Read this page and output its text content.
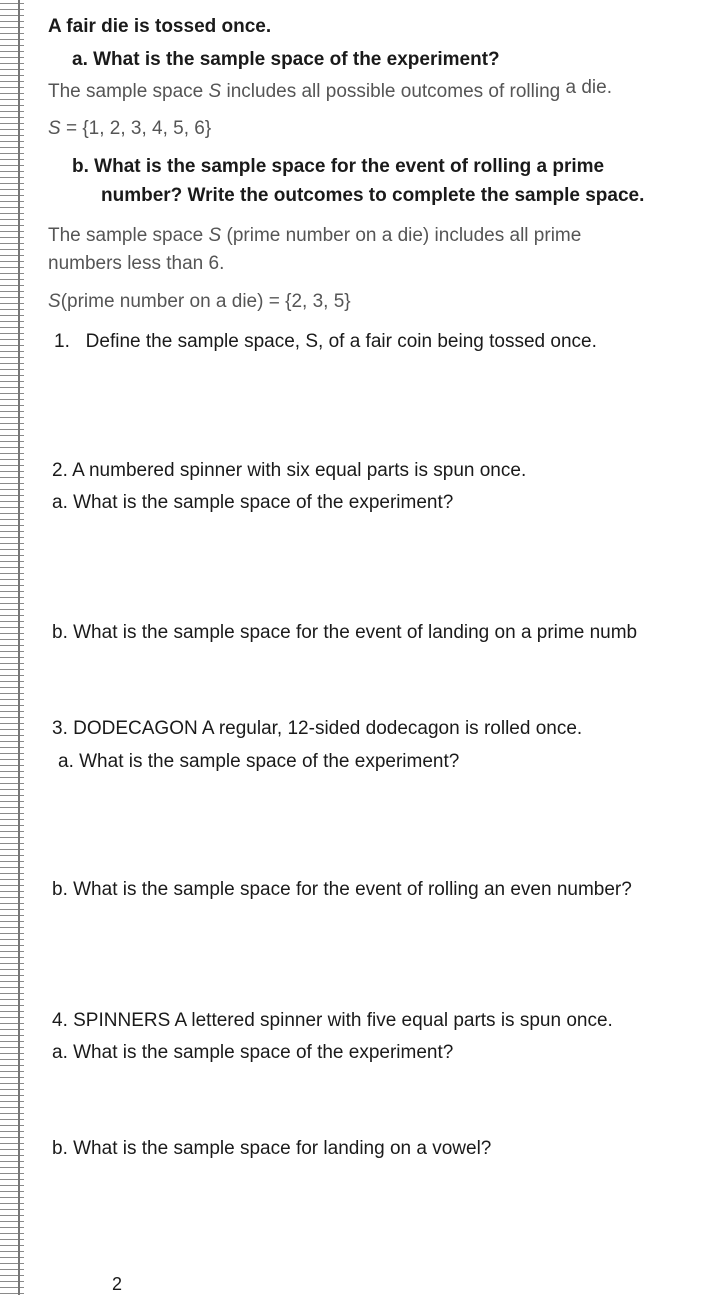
A fair die is tossed once.

a. What is the sample space of the experiment?

The sample space S includes all possible outcomes of rolling a die.

S = {1, 2, 3, 4, 5, 6}

b. What is the sample space for the event of rolling a prime

number? Write the outcomes to complete the sample space.

The sample space S (prime number on a die) includes all prime

numbers less than 6.

S(prime number on a die) = {2, 3, 5}

1.   Define the sample space, S, of a fair coin being tossed once.

2. A numbered spinner with six equal parts is spun once.

a. What is the sample space of the experiment?

b. What is the sample space for the event of landing on a prime numb

3. DODECAGON A regular, 12-sided dodecagon is rolled once.

a. What is the sample space of the experiment?

b. What is the sample space for the event of rolling an even number?

4. SPINNERS A lettered spinner with five equal parts is spun once.

a. What is the sample space of the experiment?

b. What is the sample space for landing on a vowel?

2
